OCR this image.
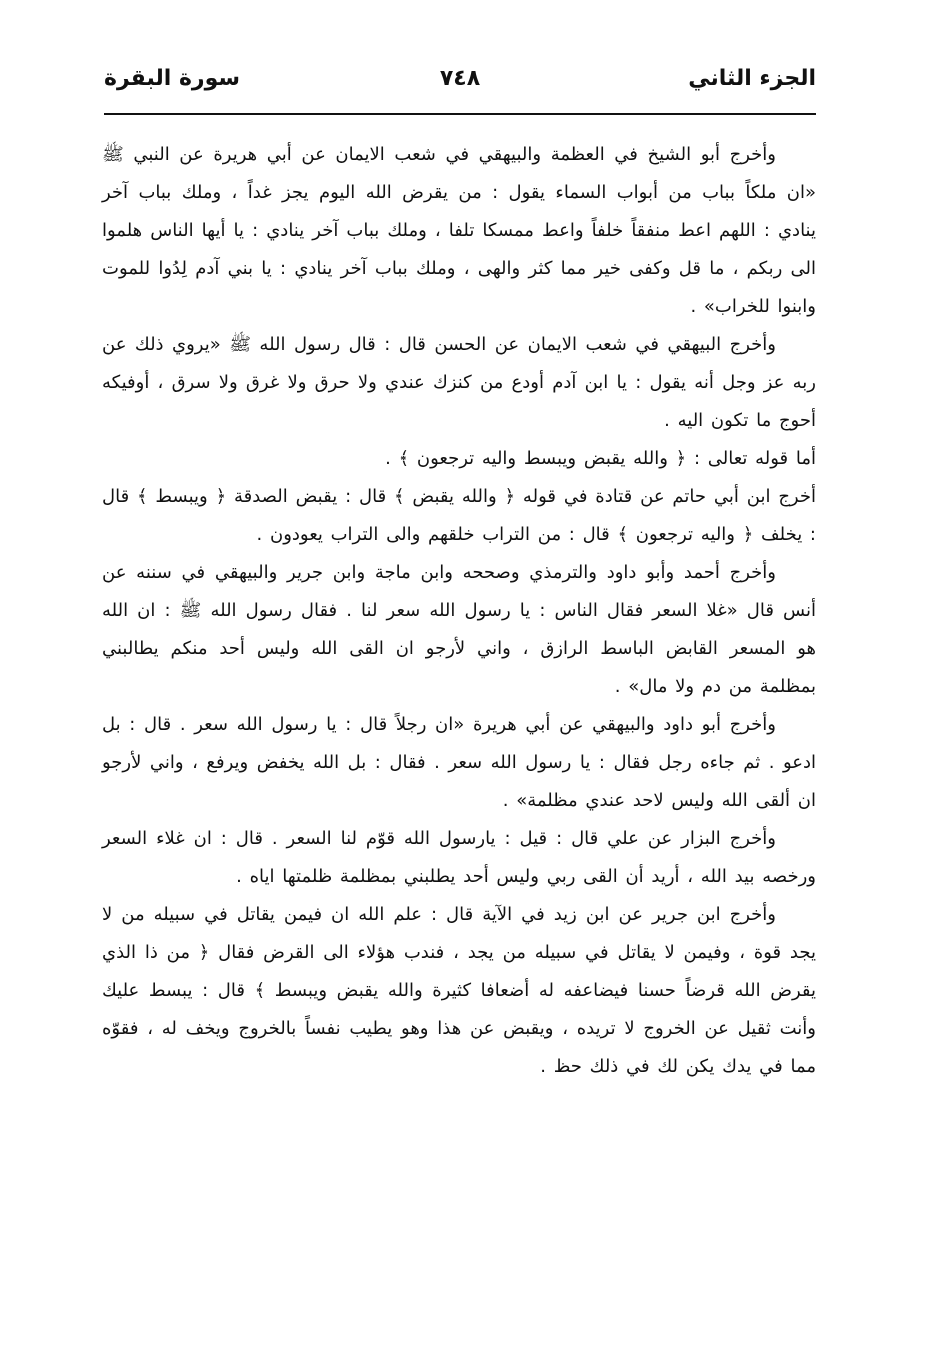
الجزء الثاني
٧٤٨
سورة البقرة

وأخرج أبو الشيخ في العظمة والبيهقي في شعب الايمان عن أبي هريرة عن النبي ﷺ «ان ملكاً بباب من أبواب السماء يقول : من يقرض الله اليوم يجز غداً ، وملك بباب آخر ينادي : اللهم اعط منفقاً خلفاً واعط ممسكا تلفا ، وملك بباب آخر ينادي : يا أيها الناس هلموا الى ربكم ، ما قل وكفى خير مما كثر والهى ، وملك بباب آخر ينادي : يا بني آدم لِدُوا للموت وابنوا للخراب» .

وأخرج البيهقي في شعب الايمان عن الحسن قال : قال رسول الله ﷺ «يروي ذلك عن ربه عز وجل أنه يقول : يا ابن آدم أودع من كنزك عندي ولا حرق ولا غرق ولا سرق ، أوفيكه أحوج ما تكون اليه .

أما قوله تعالى : ﴿ والله يقبض ويبسط واليه ترجعون ﴾ .

أخرج ابن أبي حاتم عن قتادة في قوله ﴿ والله يقبض ﴾ قال : يقبض الصدقة ﴿ ويبسط ﴾ قال : يخلف ﴿ واليه ترجعون ﴾ قال : من التراب خلقهم والى التراب يعودون .

وأخرج أحمد وأبو داود والترمذي وصححه وابن ماجة وابن جرير والبيهقي في سننه عن أنس قال «غلا السعر فقال الناس : يا رسول الله سعر لنا . فقال رسول الله ﷺ : ان الله هو المسعر القابض الباسط الرازق ، واني لأرجو ان القى الله وليس أحد منكم يطالبني بمظلمة من دم ولا مال» .

وأخرج أبو داود والبيهقي عن أبي هريرة «ان رجلاً قال : يا رسول الله سعر . قال : بل ادعو . ثم جاءه رجل فقال : يا رسول الله سعر . فقال : بل الله يخفض ويرفع ، واني لأرجو ان ألقى الله وليس لاحد عندي مظلمة» .

وأخرج البزار عن علي قال : قيل : يارسول الله قوّم لنا السعر . قال : ان غلاء السعر ورخصه بيد الله ، أريد أن القى ربي وليس أحد يطلبني بمظلمة ظلمتها اياه .

وأخرج ابن جرير عن ابن زيد في الآية قال : علم الله ان فيمن يقاتل في سبيله من لا يجد قوة ، وفيمن لا يقاتل في سبيله من يجد ، فندب هؤلاء الى القرض فقال ﴿ من ذا الذي يقرض الله قرضاً حسنا فيضاعفه له أضعافا كثيرة والله يقبض ويبسط ﴾ قال : يبسط عليك وأنت ثقيل عن الخروج لا تريده ، ويقبض عن هذا وهو يطيب نفساً بالخروج ويخف له ، فقوّه مما في يدك يكن لك في ذلك حظ .
